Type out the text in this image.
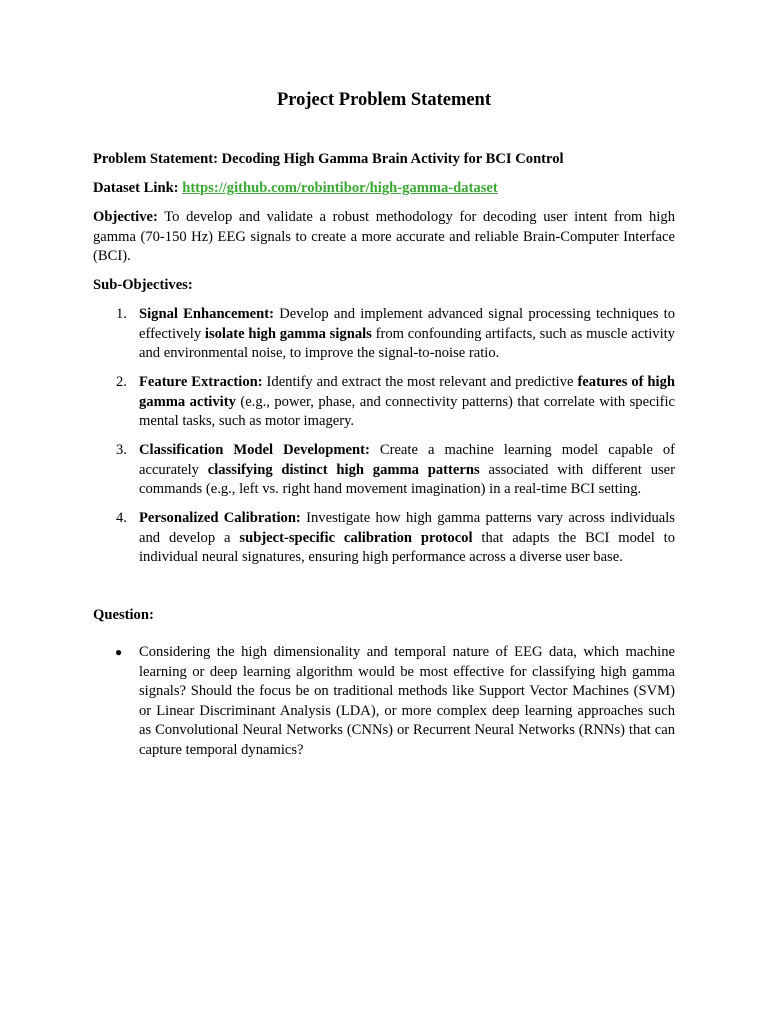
Project Problem Statement

Problem Statement: Decoding High Gamma Brain Activity for BCI Control

Dataset Link: https://github.com/robintibor/high-gamma-dataset

Objective: To develop and validate a robust methodology for decoding user intent from high gamma (70-150 Hz) EEG signals to create a more accurate and reliable Brain-Computer Interface (BCI).

Sub-Objectives:

1. Signal Enhancement: Develop and implement advanced signal processing techniques to effectively isolate high gamma signals from confounding artifacts, such as muscle activity and environmental noise, to improve the signal-to-noise ratio.
2. Feature Extraction: Identify and extract the most relevant and predictive features of high gamma activity (e.g., power, phase, and connectivity patterns) that correlate with specific mental tasks, such as motor imagery.
3. Classification Model Development: Create a machine learning model capable of accurately classifying distinct high gamma patterns associated with different user commands (e.g., left vs. right hand movement imagination) in a real-time BCI setting.
4. Personalized Calibration: Investigate how high gamma patterns vary across individuals and develop a subject-specific calibration protocol that adapts the BCI model to individual neural signatures, ensuring high performance across a diverse user base.

Question:

● Considering the high dimensionality and temporal nature of EEG data, which machine learning or deep learning algorithm would be most effective for classifying high gamma signals? Should the focus be on traditional methods like Support Vector Machines (SVM) or Linear Discriminant Analysis (LDA), or more complex deep learning approaches such as Convolutional Neural Networks (CNNs) or Recurrent Neural Networks (RNNs) that can capture temporal dynamics?
